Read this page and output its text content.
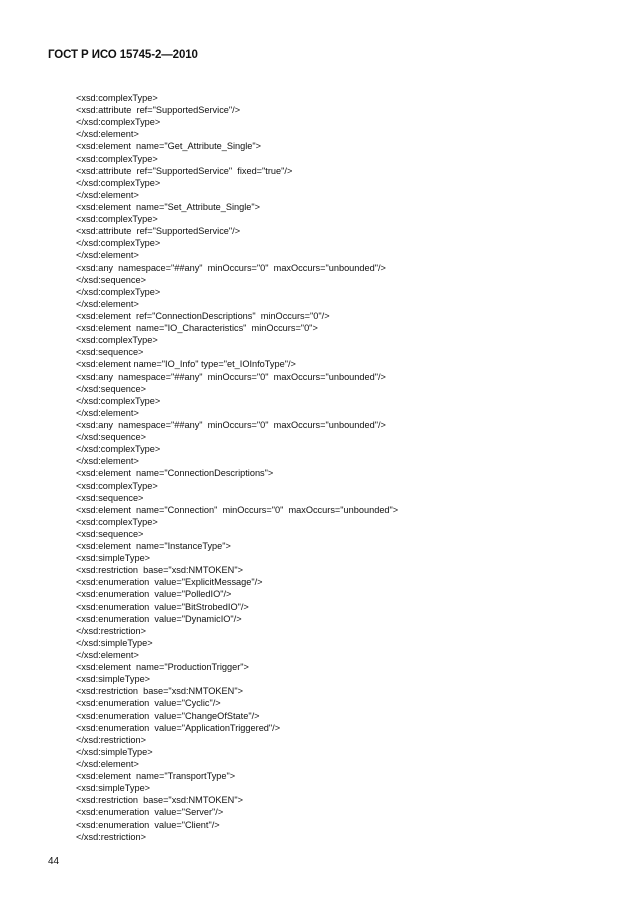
ГОСТ Р ИСО 15745-2—2010
<xsd:complexType>
<xsd:attribute  ref="SupportedService"/>
</xsd:complexType>
</xsd:element>
<xsd:element  name="Get_Attribute_Single">
<xsd:complexType>
<xsd:attribute  ref="SupportedService"  fixed="true"/>
</xsd:complexType>
</xsd:element>
<xsd:element  name="Set_Attribute_Single">
<xsd:complexType>
<xsd:attribute  ref="SupportedService"/>
</xsd:complexType>
</xsd:element>
<xsd:any  namespace="##any"  minOccurs="0"  maxOccurs="unbounded"/>
</xsd:sequence>
</xsd:complexType>
</xsd:element>
<xsd:element  ref="ConnectionDescriptions"  minOccurs="0"/>
<xsd:element  name="IO_Characteristics"  minOccurs="0">
<xsd:complexType>
<xsd:sequence>
<xsd:element name="IO_Info" type="et_IOInfoType"/>
<xsd:any  namespace="##any"  minOccurs="0"  maxOccurs="unbounded"/>
</xsd:sequence>
</xsd:complexType>
</xsd:element>
<xsd:any  namespace="##any"  minOccurs="0"  maxOccurs="unbounded"/>
</xsd:sequence>
</xsd:complexType>
</xsd:element>
<xsd:element  name="ConnectionDescriptions">
<xsd:complexType>
<xsd:sequence>
<xsd:element  name="Connection"  minOccurs="0"  maxOccurs="unbounded">
<xsd:complexType>
<xsd:sequence>
<xsd:element  name="InstanceType">
<xsd:simpleType>
<xsd:restriction  base="xsd:NMTOKEN">
<xsd:enumeration  value="ExplicitMessage"/>
<xsd:enumeration  value="PolledIO"/>
<xsd:enumeration  value="BitStrobedIO"/>
<xsd:enumeration  value="DynamicIO"/>
</xsd:restriction>
</xsd:simpleType>
</xsd:element>
<xsd:element  name="ProductionTrigger">
<xsd:simpleType>
<xsd:restriction  base="xsd:NMTOKEN">
<xsd:enumeration  value="Cyclic"/>
<xsd:enumeration  value="ChangeOfState"/>
<xsd:enumeration  value="ApplicationTriggered"/>
</xsd:restriction>
</xsd:simpleType>
</xsd:element>
<xsd:element  name="TransportType">
<xsd:simpleType>
<xsd:restriction  base="xsd:NMTOKEN">
<xsd:enumeration  value="Server"/>
<xsd:enumeration  value="Client"/>
</xsd:restriction>
44
